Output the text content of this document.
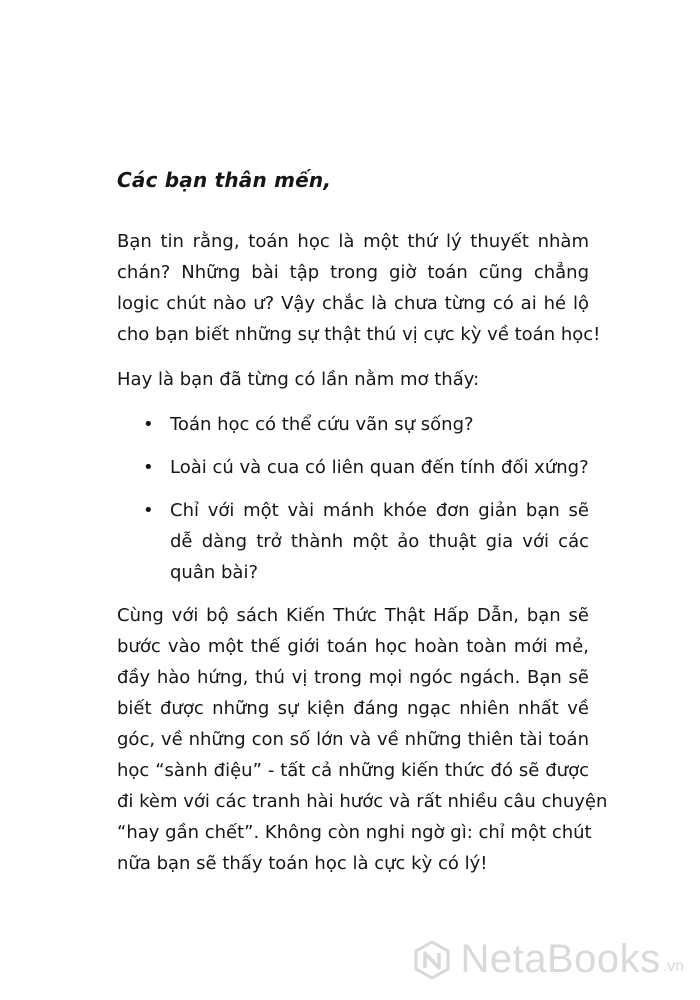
Các bạn thân mến,

Bạn tin rằng, toán học là một thứ lý thuyết nhàm
chán? Những bài tập trong giờ toán cũng chẳng
logic chút nào ư? Vậy chắc là chưa từng có ai hé lộ
cho bạn biết những sự thật thú vị cực kỳ về toán học!

Hay là bạn đã từng có lần nằm mơ thấy:

• Toán học có thể cứu vãn sự sống?
• Loài cú và cua có liên quan đến tính đối xứng?
• Chỉ với một vài mánh khóe đơn giản bạn sẽ
dễ dàng trở thành một ảo thuật gia với các
quân bài?

Cùng với bộ sách Kiến Thức Thật Hấp Dẫn, bạn sẽ
bước vào một thế giới toán học hoàn toàn mới mẻ,
đầy hào hứng, thú vị trong mọi ngóc ngách. Bạn sẽ
biết được những sự kiện đáng ngạc nhiên nhất về
góc, về những con số lớn và về những thiên tài toán
học “sành điệu” - tất cả những kiến thức đó sẽ được
đi kèm với các tranh hài hước và rất nhiều câu chuyện
“hay gần chết”. Không còn nghi ngờ gì: chỉ một chút
nữa bạn sẽ thấy toán học là cực kỳ có lý!

NetaBooks .vn
